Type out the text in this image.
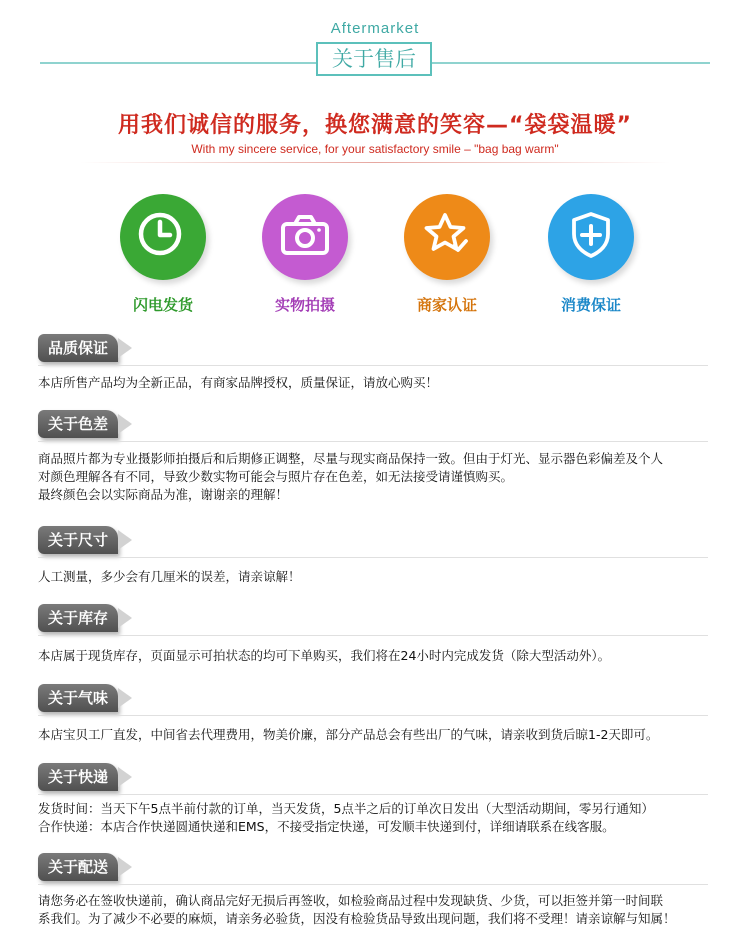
Aftermarket
关于售后
用我们诚信的服务，换您满意的笑容—“袋袋温暖”
With my sincere service, for your satisfactory smile – "bag bag warm"
闪电发货	实物拍摄	商家认证	消费保证
品质保证
本店所售产品均为全新正品，有商家品牌授权，质量保证，请放心购买！
关于色差
商品照片都为专业摄影师拍摄后和后期修正调整，尽量与现实商品保持一致。但由于灯光、显示器色彩偏差及个人
对颜色理解各有不同，导致少数实物可能会与照片存在色差，如无法接受请谨慎购买。
最终颜色会以实际商品为准，谢谢亲的理解！
关于尺寸
人工测量，多少会有几厘米的误差，请亲谅解！
关于库存
本店属于现货库存，页面显示可拍状态的均可下单购买，我们将在24小时内完成发货（除大型活动外）。
关于气味
本店宝贝工厂直发，中间省去代理费用，物美价廉，部分产品总会有些出厂的气味，请亲收到货后晾1-2天即可。
关于快递
发货时间：当天下午5点半前付款的订单，当天发货，5点半之后的订单次日发出（大型活动期间，零另行通知）
合作快递：本店合作快递圆通快递和EMS，不接受指定快递，可发顺丰快递到付，详细请联系在线客服。
关于配送
请您务必在签收快递前，确认商品完好无损后再签收，如检验商品过程中发现缺货、少货，可以拒签并第一时间联
系我们。为了减少不必要的麻烦，请亲务必验货，因没有检验货品导致出现问题，我们将不受理！请亲谅解与知属！
